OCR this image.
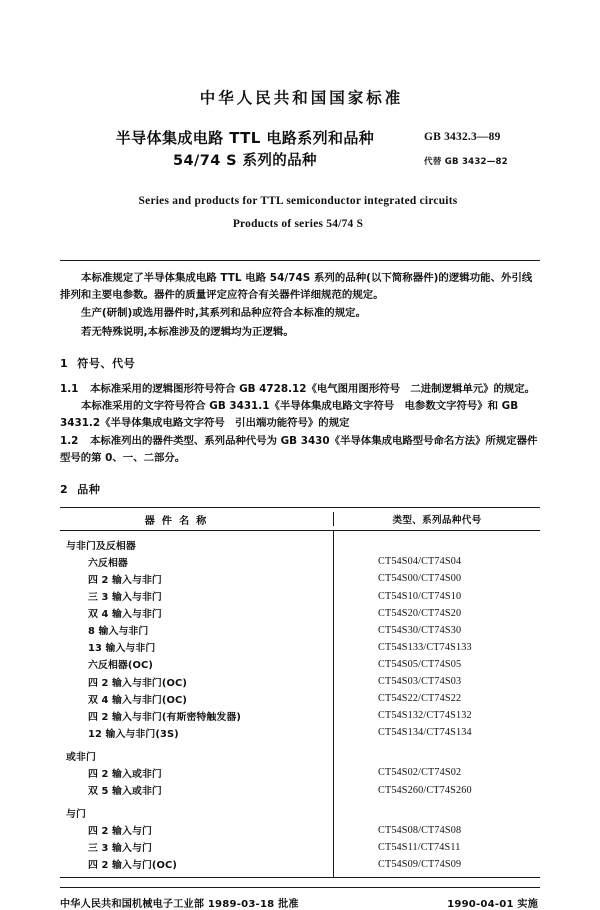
中华人民共和国国家标准
半导体集成电路 TTL 电路系列和品种
54/74 S 系列的品种
GB 3432.3—89
代替 GB 3432—82
Series and products for TTL semiconductor integrated circuits
Products of series 54/74 S

本标准规定了半导体集成电路 TTL 电路 54/74S 系列的品种(以下简称器件)的逻辑功能、外引线排列和主要电参数。器件的质量评定应符合有关器件详细规范的规定。

生产(研制)或选用器件时,其系列和品种应符合本标准的规定。

若无特殊说明,本标准涉及的逻辑均为正逻辑。

1 符号、代号

1.1 本标准采用的逻辑图形符号符合 GB 4728.12《电气图用图形符号　二进制逻辑单元》的规定。

本标准采用的文字符号符合 GB 3431.1《半导体集成电路文字符号　电参数文字符号》和 GB 3431.2《半导体集成电路文字符号　引出端功能符号》的规定

1.2 本标准列出的器件类型、系列品种代号为 GB 3430《半导体集成电路型号命名方法》所规定器件型号的第 0、一、二部分。

2 品种
器件名称	类型、系列品种代号
与非门及反相器
六反相器	CT54S04/CT74S04
四 2 输入与非门	CT54S00/CT74S00
三 3 输入与非门	CT54S10/CT74S10
双 4 输入与非门	CT54S20/CT74S20
8 输入与非门	CT54S30/CT74S30
13 输入与非门	CT54S133/CT74S133
六反相器(OC)	CT54S05/CT74S05
四 2 输入与非门(OC)	CT54S03/CT74S03
双 4 输入与非门(OC)	CT54S22/CT74S22
四 2 输入与非门(有斯密特触发器)	CT54S132/CT74S132
12 输入与非门(3S)	CT54S134/CT74S134
或非门
四 2 输入或非门	CT54S02/CT74S02
双 5 输入或非门	CT54S260/CT74S260
与门
四 2 输入与门	CT54S08/CT74S08
三 3 输入与门	CT54S11/CT74S11
四 2 输入与门(OC)	CT54S09/CT74S09
中华人民共和国机械电子工业部 1989-03-18 批准	1990-04-01 实施
